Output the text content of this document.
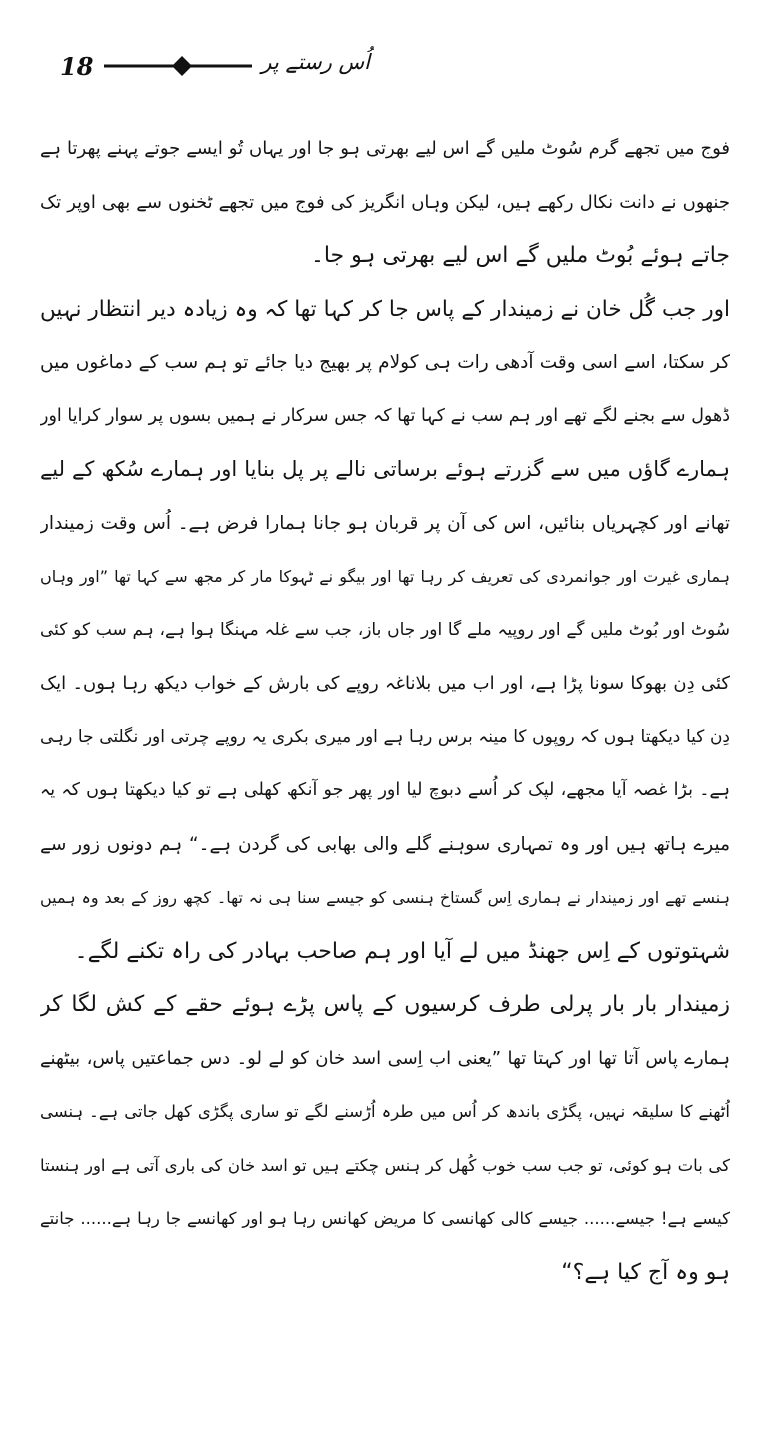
18	اُس رستے پر
فوج میں تجھے گرم سُوٹ ملیں گے اس لیے بھرتی ہو جا اور یہاں تُو ایسے جوتے پہنے پھرتا ہے
جنھوں نے دانت نکال رکھے ہیں، لیکن وہاں انگریز کی فوج میں تجھے ٹخنوں سے بھی اوپر تک
جاتے ہوئے بُوٹ ملیں گے اس لیے بھرتی ہو جا۔
اور جب گُل خان نے زمیندار کے پاس جا کر کہا تھا کہ وہ زیادہ دیر انتظار نہیں
کر سکتا، اسے اسی وقت آدھی رات ہی کولام پر بھیج دیا جائے تو ہم سب کے دماغوں میں
ڈھول سے بجنے لگے تھے اور ہم سب نے کہا تھا کہ جس سرکار نے ہمیں بسوں پر سوار کرایا اور
ہمارے گاؤں میں سے گزرتے ہوئے برساتی نالے پر پل بنایا اور ہمارے سُکھ کے لیے
تھانے اور کچہریاں بنائیں، اس کی آن پر قربان ہو جانا ہمارا فرض ہے۔ اُس وقت زمیندار
ہماری غیرت اور جوانمردی کی تعریف کر رہا تھا اور بیگو نے ٹہوکا مار کر مجھ سے کہا تھا ”اور وہاں
سُوٹ اور بُوٹ ملیں گے اور روپیہ ملے گا اور جاں باز، جب سے غلہ مہنگا ہوا ہے، ہم سب کو کئی
کئی دِن بھوکا سونا پڑا ہے، اور اب میں بلاناغہ روپے کی بارش کے خواب دیکھ رہا ہوں۔ ایک
دِن کیا دیکھتا ہوں کہ روپوں کا مینہ برس رہا ہے اور میری بکری یہ روپے چرتی اور نگلتی جا رہی
ہے۔ بڑا غصہ آیا مجھے، لپک کر اُسے دبوچ لیا اور پھر جو آنکھ کھلی ہے تو کیا دیکھتا ہوں کہ یہ
میرے ہاتھ ہیں اور وہ تمہاری سوہنے گلے والی بھابی کی گردن ہے۔“ ہم دونوں زور سے
ہنسے تھے اور زمیندار نے ہماری اِس گستاخ ہنسی کو جیسے سنا ہی نہ تھا۔ کچھ روز کے بعد وہ ہمیں
شہتوتوں کے اِس جھنڈ میں لے آیا اور ہم صاحب بہادر کی راہ تکنے لگے۔
زمیندار بار بار پرلی طرف کرسیوں کے پاس پڑے ہوئے حقے کے کش لگا کر
ہمارے پاس آتا تھا اور کہتا تھا ”یعنی اب اِسی اسد خان کو لے لو۔ دس جماعتیں پاس، بیٹھنے
اُٹھنے کا سلیقہ نہیں، پگڑی باندھ کر اُس میں طرہ اُڑسنے لگے تو ساری پگڑی کھل جاتی ہے۔ ہنسی
کی بات ہو کوئی، تو جب سب خوب کُھل کر ہنس چکتے ہیں تو اسد خان کی باری آتی ہے اور ہنستا
کیسے ہے! جیسے...... جیسے کالی کھانسی کا مریض کھانس رہا ہو اور کھانسے جا رہا ہے...... جانتے
ہو وہ آج کیا ہے؟“
